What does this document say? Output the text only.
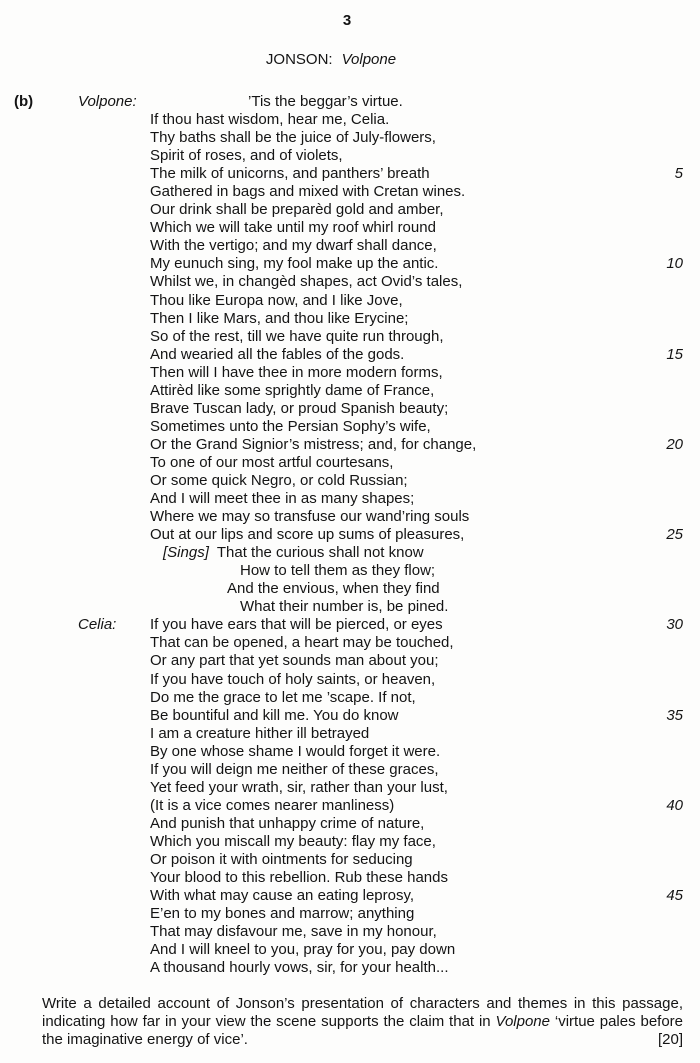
3
JONSON: Volpone
(b)	Volpone:	’Tis the beggar’s virtue.
If thou hast wisdom, hear me, Celia.
Thy baths shall be the juice of July-flowers,
Spirit of roses, and of violets,
The milk of unicorns, and panthers’ breath	5
Gathered in bags and mixed with Cretan wines.
Our drink shall be preparèd gold and amber,
Which we will take until my roof whirl round
With the vertigo; and my dwarf shall dance,
My eunuch sing, my fool make up the antic.	10
Whilst we, in changèd shapes, act Ovid’s tales,
Thou like Europa now, and I like Jove,
Then I like Mars, and thou like Erycine;
So of the rest, till we have quite run through,
And wearied all the fables of the gods.	15
Then will I have thee in more modern forms,
Attirèd like some sprightly dame of France,
Brave Tuscan lady, or proud Spanish beauty;
Sometimes unto the Persian Sophy’s wife,
Or the Grand Signior’s mistress; and, for change,	20
To one of our most artful courtesans,
Or some quick Negro, or cold Russian;
And I will meet thee in as many shapes;
Where we may so transfuse our wand’ring souls
Out at our lips and score up sums of pleasures,	25
[Sings] That the curious shall not know
How to tell them as they flow;
And the envious, when they find
What their number is, be pined.
Celia: If you have ears that will be pierced, or eyes	30
That can be opened, a heart may be touched,
Or any part that yet sounds man about you;
If you have touch of holy saints, or heaven,
Do me the grace to let me ’scape. If not,
Be bountiful and kill me. You do know	35
I am a creature hither ill betrayed
By one whose shame I would forget it were.
If you will deign me neither of these graces,
Yet feed your wrath, sir, rather than your lust,
(It is a vice comes nearer manliness)	40
And punish that unhappy crime of nature,
Which you miscall my beauty: flay my face,
Or poison it with ointments for seducing
Your blood to this rebellion. Rub these hands
With what may cause an eating leprosy,	45
E’en to my bones and marrow; anything
That may disfavour me, save in my honour,
And I will kneel to you, pray for you, pay down
A thousand hourly vows, sir, for your health...
Write a detailed account of Jonson’s presentation of characters and themes in this passage, indicating how far in your view the scene supports the claim that in Volpone ‘virtue pales before the imaginative energy of vice’.	[20]
